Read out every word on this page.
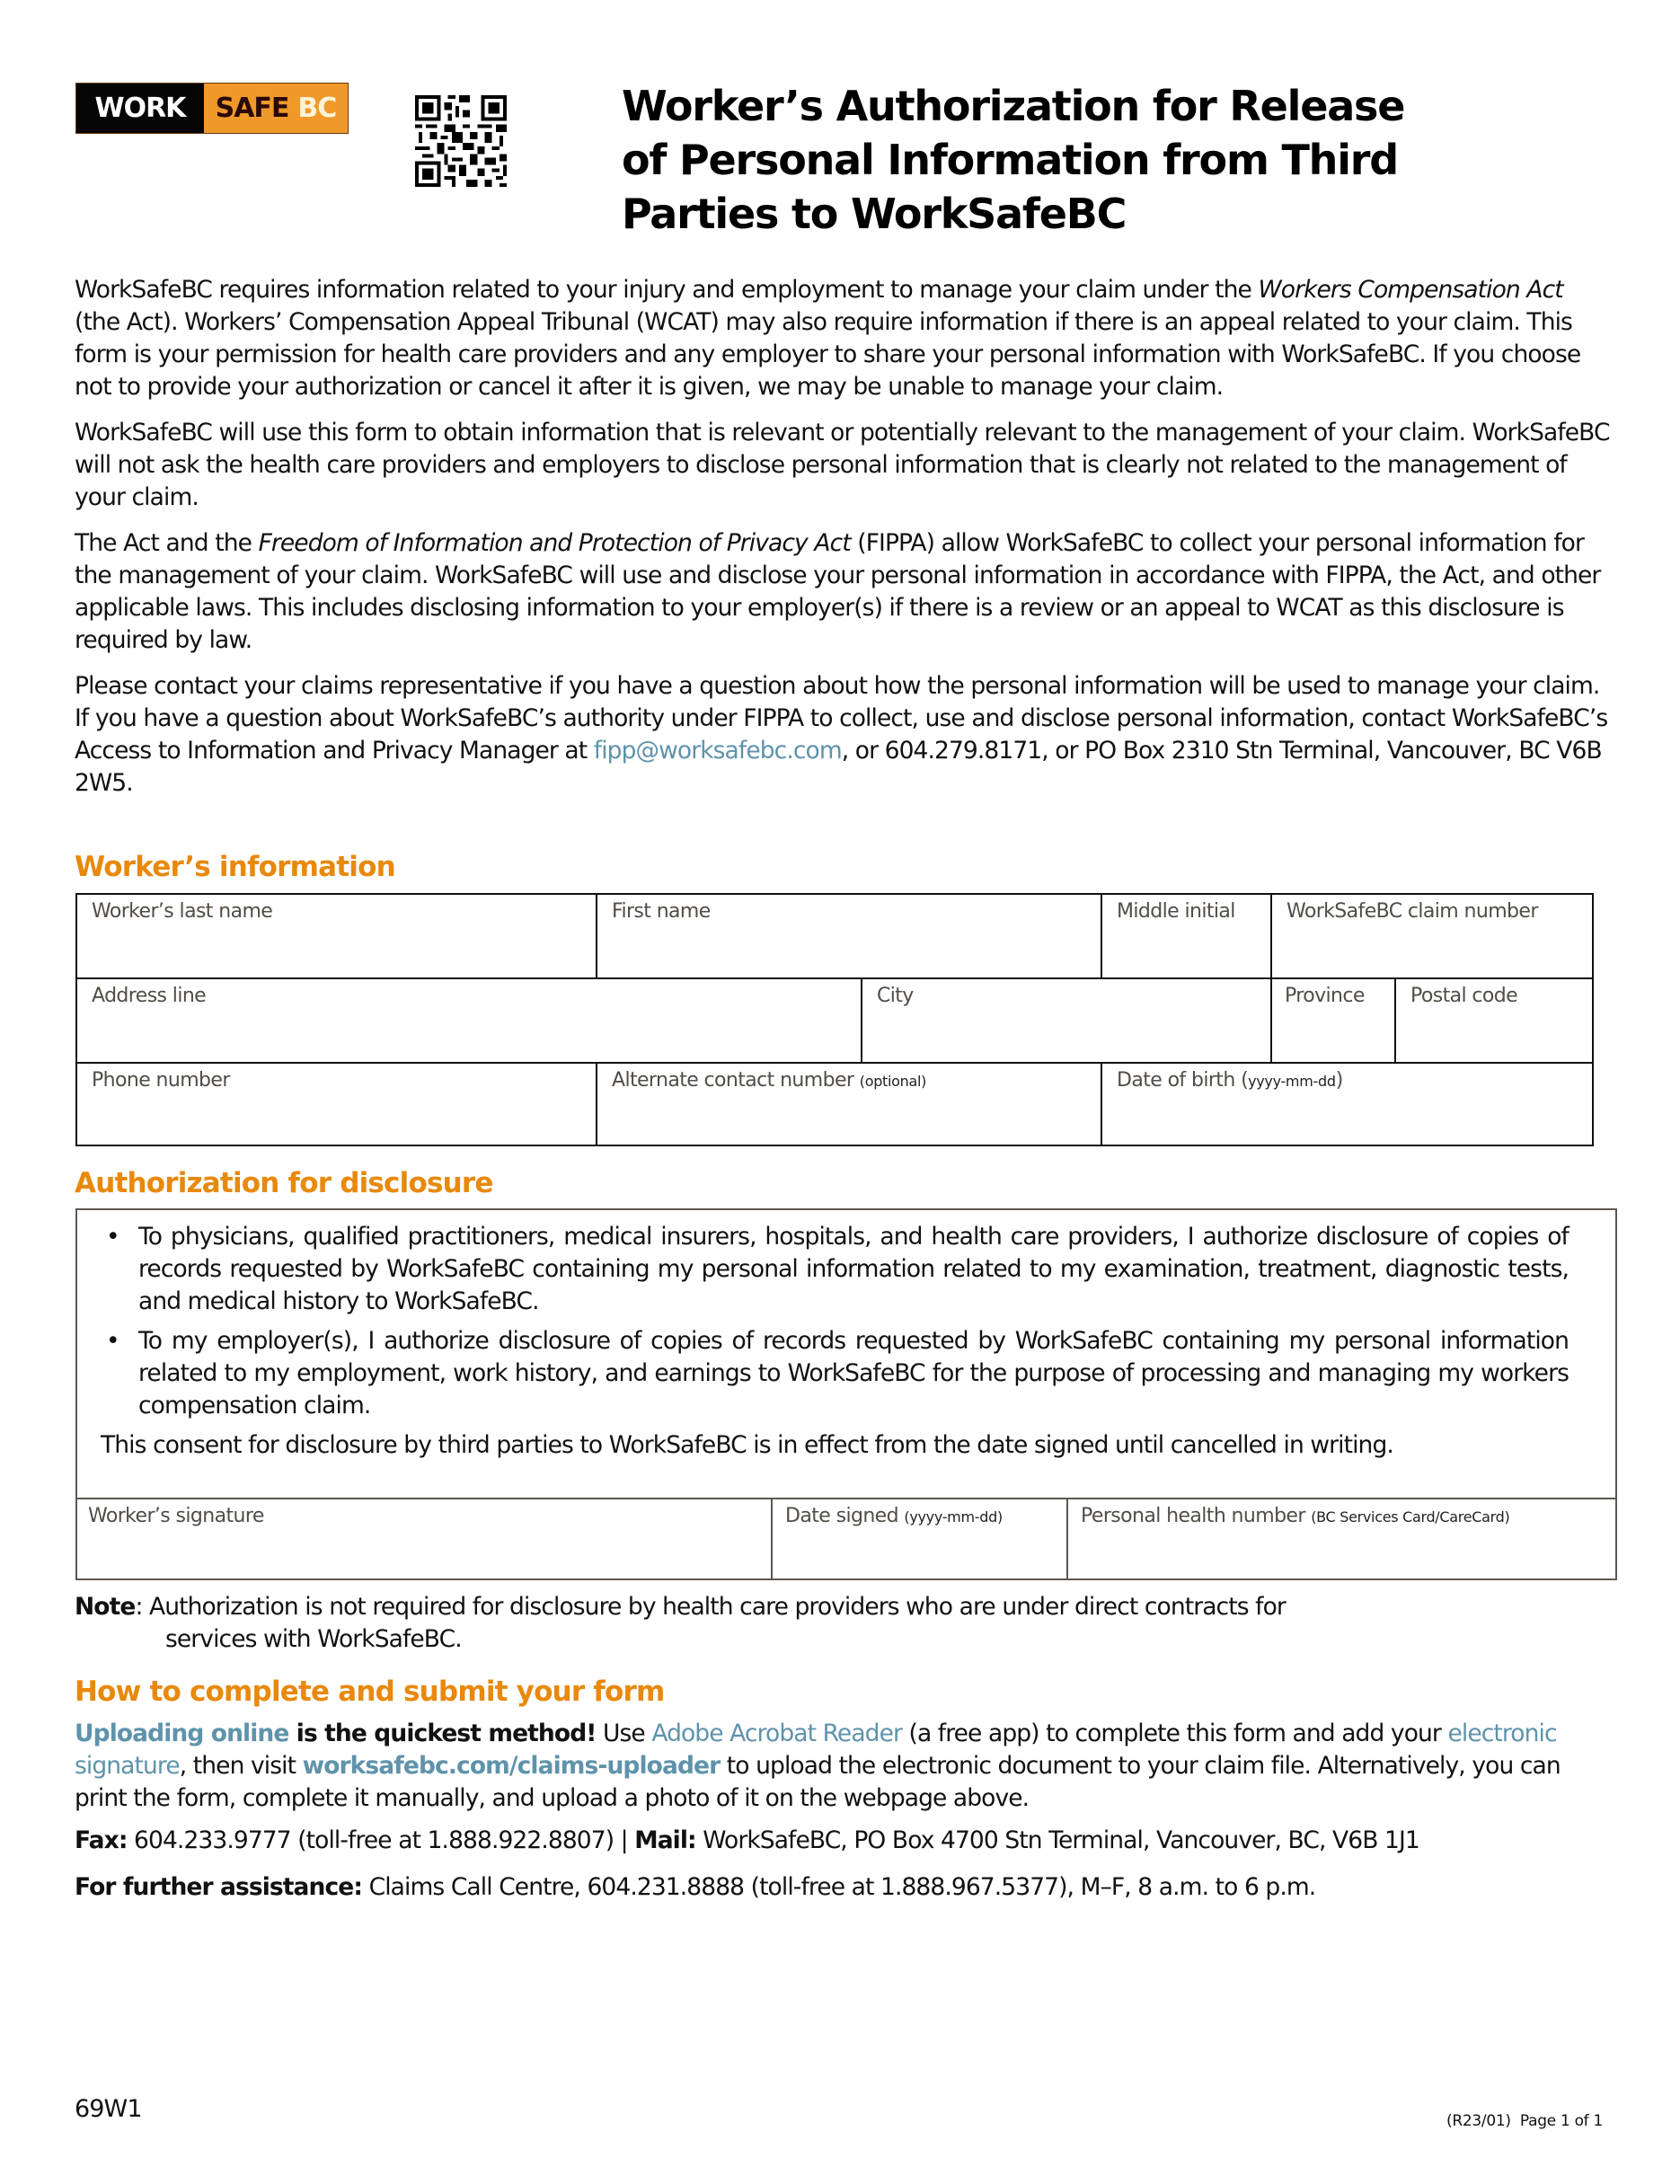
WORK	SAFE BC	Worker’s Authorization for Release
of Personal Information from Third
Parties to WorkSafeBC

WorkSafeBC requires information related to your injury and employment to manage your claim under the Workers Compensation Act (the Act). Workers’ Compensation Appeal Tribunal (WCAT) may also require information if there is an appeal related to your claim. This form is your permission for health care providers and any employer to share your personal information with WorkSafeBC. If you choose not to provide your authorization or cancel it after it is given, we may be unable to manage your claim.

WorkSafeBC will use this form to obtain information that is relevant or potentially relevant to the management of your claim. WorkSafeBC will not ask the health care providers and employers to disclose personal information that is clearly not related to the management of your claim.

The Act and the Freedom of Information and Protection of Privacy Act (FIPPA) allow WorkSafeBC to collect your personal information for the management of your claim. WorkSafeBC will use and disclose your personal information in accordance with FIPPA, the Act, and other applicable laws. This includes disclosing information to your employer(s) if there is a review or an appeal to WCAT as this disclosure is required by law.

Please contact your claims representative if you have a question about how the personal information will be used to manage your claim. If you have a question about WorkSafeBC’s authority under FIPPA to collect, use and disclose personal information, contact WorkSafeBC’s Access to Information and Privacy Manager at fipp@worksafebc.com, or 604.279.8171, or PO Box 2310 Stn Terminal, Vancouver, BC V6B 2W5.

Worker’s information
Worker’s last name	First name	Middle initial	WorkSafeBC claim number
Address line	City	Province	Postal code
Phone number	Alternate contact number (optional)	Date of birth (yyyy-mm-dd)
Authorization for disclosure
• To physicians, qualified practitioners, medical insurers, hospitals, and health care providers, I authorize disclosure of copies of records requested by WorkSafeBC containing my personal information related to my examination, treatment, diagnostic tests, and medical history to WorkSafeBC.
• To my employer(s), I authorize disclosure of copies of records requested by WorkSafeBC containing my personal information related to my employment, work history, and earnings to WorkSafeBC for the purpose of processing and managing my workers compensation claim.
This consent for disclosure by third parties to WorkSafeBC is in effect from the date signed until cancelled in writing.
Worker’s signature	Date signed (yyyy-mm-dd)	Personal health number (BC Services Card/CareCard)
Note: Authorization is not required for disclosure by health care providers who are under direct contracts for
services with WorkSafeBC.
How to complete and submit your form
Uploading online is the quickest method! Use Adobe Acrobat Reader (a free app) to complete this form and add your electronic signature, then visit worksafebc.com/claims-uploader to upload the electronic document to your claim file. Alternatively, you can print the form, complete it manually, and upload a photo of it on the webpage above.
Fax: 604.233.9777 (toll-free at 1.888.922.8807) | Mail: WorkSafeBC, PO Box 4700 Stn Terminal, Vancouver, BC, V6B 1J1
For further assistance: Claims Call Centre, 604.231.8888 (toll-free at 1.888.967.5377), M–F, 8 a.m. to 6 p.m.
69W1	(R23/01) Page 1 of 1
